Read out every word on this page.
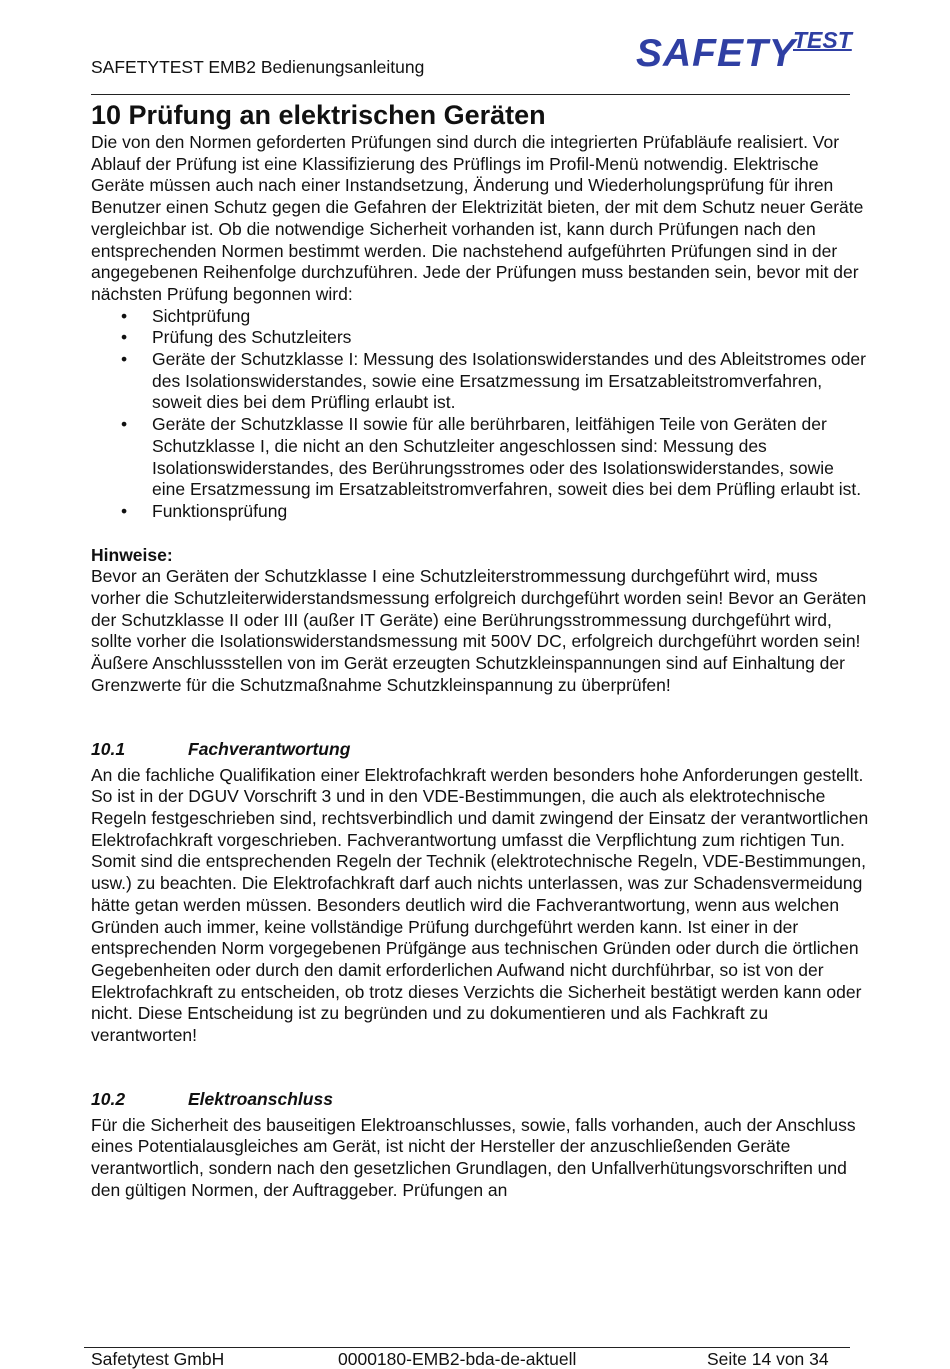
SAFETYTEST EMB2 Bedienungsanleitung	SAFETY
TEST
10 Prüfung an elektrischen Geräten

Die von den Normen geforderten Prüfungen sind durch die integrierten Prüfabläufe realisiert. Vor Ablauf der Prüfung ist eine Klassifizierung des Prüflings im Profil-Menü notwendig. Elektrische Geräte müssen auch nach einer Instandsetzung, Änderung und Wiederholungsprüfung für ihren Benutzer einen Schutz gegen die Gefahren der Elektrizität bieten, der mit dem Schutz neuer Geräte vergleichbar ist. Ob die notwendige Sicherheit vorhanden ist, kann durch Prüfungen nach den entsprechenden Normen bestimmt werden. Die nachstehend aufgeführten Prüfungen sind in der angegebenen Reihenfolge durchzuführen. Jede der Prüfungen muss bestanden sein, bevor mit der nächsten Prüfung begonnen wird:

• Sichtprüfung
• Prüfung des Schutzleiters
• Geräte der Schutzklasse I: Messung des Isolationswiderstandes und des Ableitstromes oder des Isolationswiderstandes, sowie eine Ersatzmessung im Ersatzableitstromverfahren, soweit dies bei dem Prüfling erlaubt ist.
• Geräte der Schutzklasse II sowie für alle berührbaren, leitfähigen Teile von Geräten der Schutzklasse I, die nicht an den Schutzleiter angeschlossen sind: Messung des Isolationswiderstandes, des Berührungsstromes oder des Isolationswiderstandes, sowie eine Ersatzmessung im Ersatzableitstromverfahren, soweit dies bei dem Prüfling erlaubt ist.
• Funktionsprüfung

Hinweise:

Bevor an Geräten der Schutzklasse I eine Schutzleiterstrommessung durchgeführt wird, muss vorher die Schutzleiterwiderstandsmessung erfolgreich durchgeführt worden sein! Bevor an Geräten der Schutzklasse II oder III (außer IT Geräte) eine Berührungsstrommessung durchgeführt wird, sollte vorher die Isolationswiderstandsmessung mit 500V DC, erfolgreich durchgeführt worden sein! Äußere Anschlussstellen von im Gerät erzeugten Schutzkleinspannungen sind auf Einhaltung der Grenzwerte für die Schutzmaßnahme Schutzkleinspannung zu überprüfen!

10.1	Fachverantwortung

An die fachliche Qualifikation einer Elektrofachkraft werden besonders hohe Anforderungen gestellt. So ist in der DGUV Vorschrift 3 und in den VDE-Bestimmungen, die auch als elektrotechnische Regeln festgeschrieben sind, rechtsverbindlich und damit zwingend der Einsatz der verantwortlichen Elektrofachkraft vorgeschrieben. Fachverantwortung umfasst die Verpflichtung zum richtigen Tun. Somit sind die entsprechenden Regeln der Technik (elektrotechnische Regeln, VDE-Bestimmungen, usw.) zu beachten. Die Elektrofachkraft darf auch nichts unterlassen, was zur Schadensvermeidung hätte getan werden müssen. Besonders deutlich wird die Fachverantwortung, wenn aus welchen Gründen auch immer, keine vollständige Prüfung durchgeführt werden kann. Ist einer in der entsprechenden Norm vorgegebenen Prüfgänge aus technischen Gründen oder durch die örtlichen Gegebenheiten oder durch den damit erforderlichen Aufwand nicht durchführbar, so ist von der Elektrofachkraft zu entscheiden, ob trotz dieses Verzichts die Sicherheit bestätigt werden kann oder nicht. Diese Entscheidung ist zu begründen und zu dokumentieren und als Fachkraft zu verantworten!

10.2	Elektroanschluss

Für die Sicherheit des bauseitigen Elektroanschlusses, sowie, falls vorhanden, auch der Anschluss eines Potentialausgleiches am Gerät, ist nicht der Hersteller der anzuschließenden Geräte verantwortlich, sondern nach den gesetzlichen Grundlagen, den Unfallverhütungsvorschriften und den gültigen Normen, der Auftraggeber. Prüfungen an

Safetytest GmbH	0000180-EMB2-bda-de-aktuell	Seite 14 von 34
